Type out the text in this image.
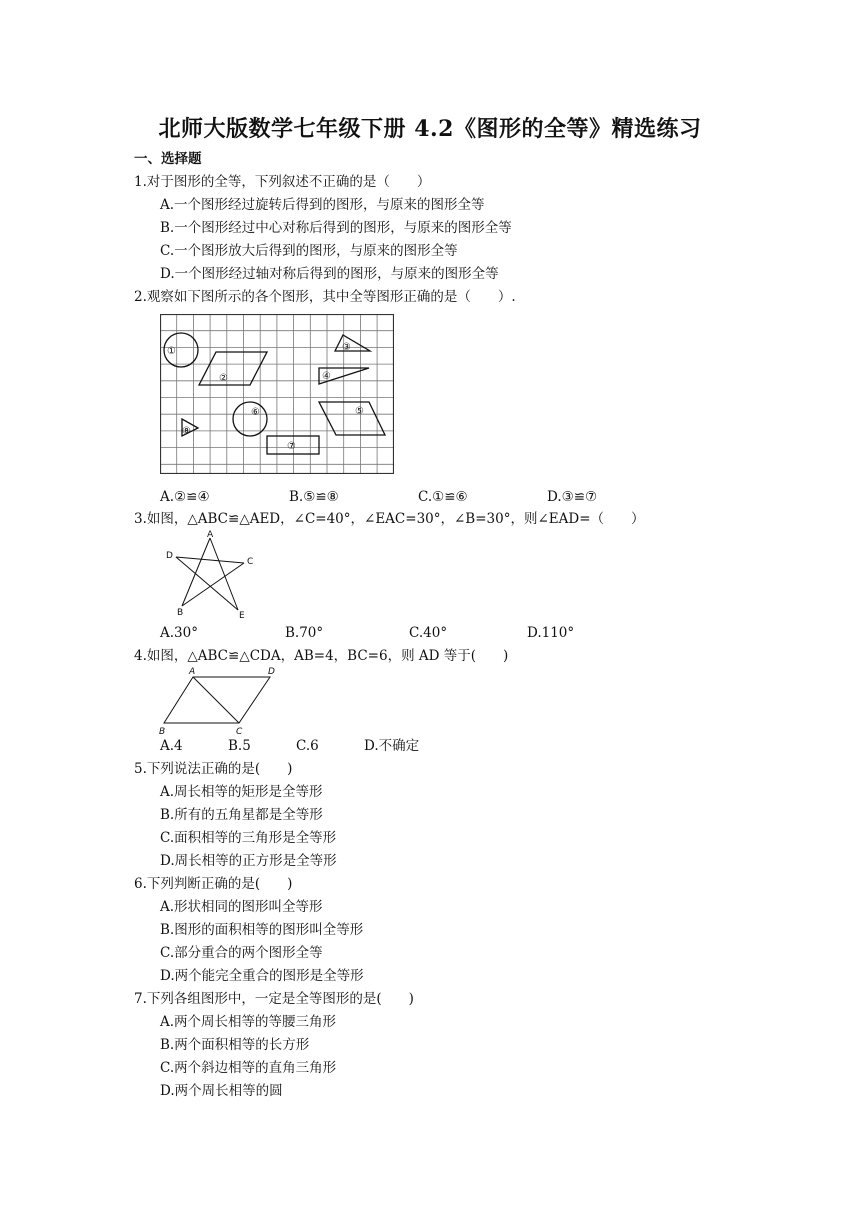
北师大版数学七年级下册 4.2《图形的全等》精选练习
一、选择题
1.对于图形的全等，下列叙述不正确的是（　　）
A.一个图形经过旋转后得到的图形，与原来的图形全等
B.一个图形经过中心对称后得到的图形，与原来的图形全等
C.一个图形放大后得到的图形，与原来的图形全等
D.一个图形经过轴对称后得到的图形，与原来的图形全等
2.观察如下图所示的各个图形，其中全等图形正确的是（　　）.
①
②
③
④
⑤
⑥
⑦
⑧
A.②≌④	B.⑤≌⑧	C.①≌⑥	D.③≌⑦
3.如图，△ABC≌△AED，∠C=40°，∠EAC=30°，∠B=30°，则∠EAD=（　　）
A
B
C
D
E
A.30°	B.70°	C.40°	D.110°
4.如图，△ABC≌△CDA，AB=4，BC=6，则 AD 等于(　　)
A	D
B	C
A.4	B.5	C.6	D.不确定
5.下列说法正确的是(　　)
A.周长相等的矩形是全等形
B.所有的五角星都是全等形
C.面积相等的三角形是全等形
D.周长相等的正方形是全等形
6.下列判断正确的是(　　)
A.形状相同的图形叫全等形
B.图形的面积相等的图形叫全等形
C.部分重合的两个图形全等
D.两个能完全重合的图形是全等形
7.下列各组图形中，一定是全等图形的是(　　)
A.两个周长相等的等腰三角形
B.两个面积相等的长方形
C.两个斜边相等的直角三角形
D.两个周长相等的圆
